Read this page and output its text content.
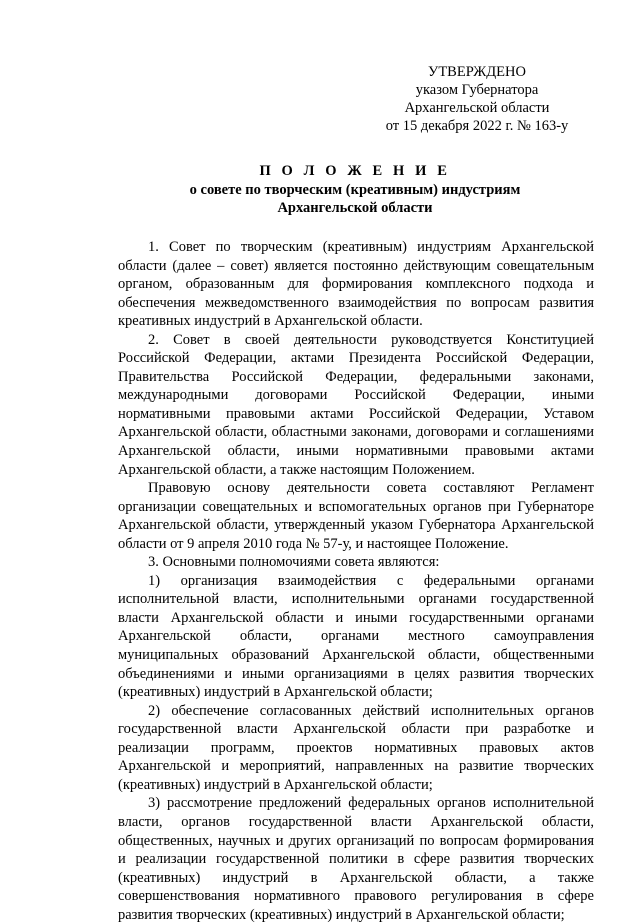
УТВЕРЖДЕНО
указом Губернатора
Архангельской области
от 15 декабря 2022 г. № 163-у
П О Л О Ж Е Н И Е
о совете по творческим (креативным) индустриям
Архангельской области

1. Совет по творческим (креативным) индустриям Архангельской области (далее – совет) является постоянно действующим совещательным органом, образованным для формирования комплексного подхода и обеспечения межведомственного взаимодействия по вопросам развития креативных индустрий в Архангельской области.

2. Совет в своей деятельности руководствуется Конституцией Российской Федерации, актами Президента Российской Федерации, Правительства Российской Федерации, федеральными законами, международными договорами Российской Федерации, иными нормативными правовыми актами Российской Федерации, Уставом Архангельской области, областными законами, договорами и соглашениями Архангельской области, иными нормативными правовыми актами Архангельской области, а также настоящим Положением.

Правовую основу деятельности совета составляют Регламент организации совещательных и вспомогательных органов при Губернаторе Архангельской области, утвержденный указом Губернатора Архангельской области от 9 апреля 2010 года № 57-у, и настоящее Положение.

3. Основными полномочиями совета являются:

1) организация взаимодействия с федеральными органами исполнительной власти, исполнительными органами государственной власти Архангельской области и иными государственными органами Архангельской области, органами местного самоуправления муниципальных образований Архангельской области, общественными объединениями и иными организациями в целях развития творческих (креативных) индустрий в Архангельской области;

2) обеспечение согласованных действий исполнительных органов государственной власти Архангельской области при разработке и реализации программ, проектов нормативных правовых актов Архангельской и мероприятий, направленных на развитие творческих (креативных) индустрий в Архангельской области;

3) рассмотрение предложений федеральных органов исполнительной власти, органов государственной власти Архангельской области, общественных, научных и других организаций по вопросам формирования и реализации государственной политики в сфере развития творческих (креативных) индустрий в Архангельской области, а также совершенствования нормативного правового регулирования в сфере развития творческих (креативных) индустрий в Архангельской области;
